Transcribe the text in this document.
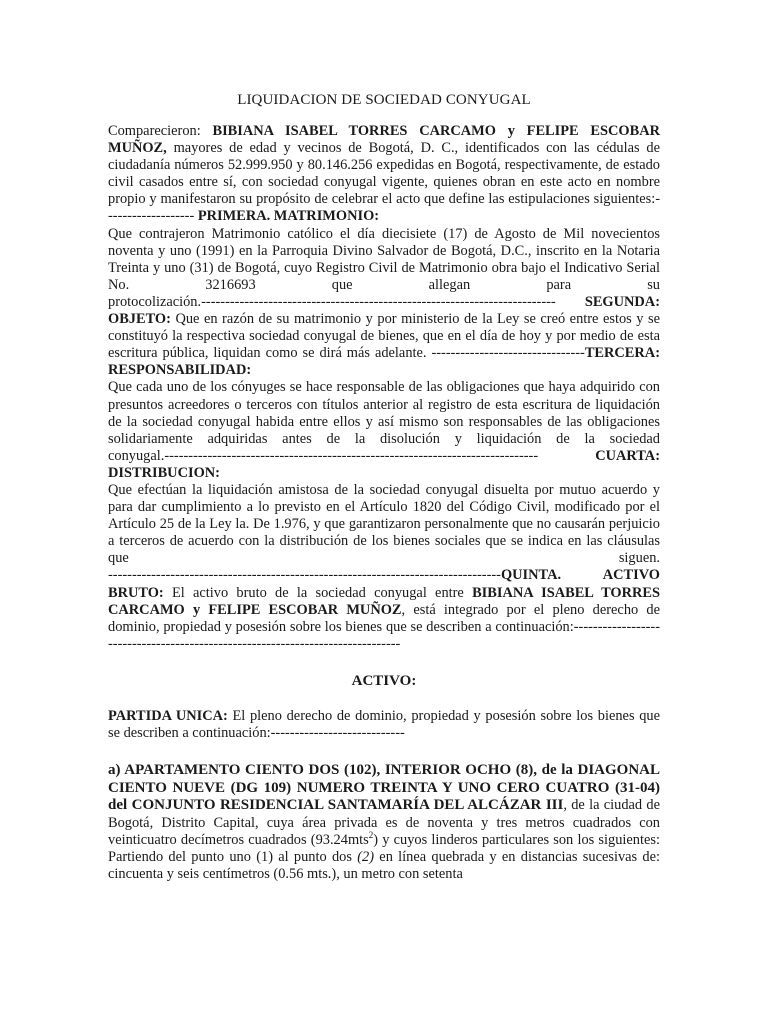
LIQUIDACION DE SOCIEDAD CONYUGAL

Comparecieron: BIBIANA ISABEL TORRES CARCAMO y FELIPE ESCOBAR MUÑOZ, mayores de edad y vecinos de Bogotá, D. C., identificados con las cédulas de ciudadanía números 52.999.950 y 80.146.256 expedidas en Bogotá, respectivamente, de estado civil casados entre sí, con sociedad conyugal vigente, quienes obran en este acto en nombre propio y manifestaron su propósito de celebrar el acto que define las estipulaciones siguientes:------------------- PRIMERA. MATRIMONIO:
Que contrajeron Matrimonio católico el día diecisiete (17) de Agosto de Mil novecientos noventa y uno (1991) en la Parroquia Divino Salvador de Bogotá, D.C., inscrito en la Notaria Treinta y uno (31) de Bogotá, cuyo Registro Civil de Matrimonio obra bajo el Indicativo Serial No. 3216693 que allegan para su
protocolización.-------------------------------------------------------------------------- SEGUNDA: OBJETO: Que en razón de su matrimonio y por ministerio de la Ley se creó entre estos y se constituyó la respectiva sociedad conyugal de bienes, que en el día de hoy y por medio de esta escritura pública, liquidan como se dirá más adelante. --------------------------------TERCERA: RESPONSABILIDAD:
Que cada uno de los cónyuges se hace responsable de las obligaciones que haya adquirido con presuntos acreedores o terceros con títulos anterior al registro de esta escritura de liquidación de la sociedad conyugal habida entre ellos y así mismo son responsables de las obligaciones solidariamente adquiridas antes de la disolución y liquidación de la sociedad
conyugal.------------------------------------------------------------------------------ CUARTA: DISTRIBUCION:
Que efectúan la liquidación amistosa de la sociedad conyugal disuelta por mutuo acuerdo y para dar cumplimiento a lo previsto en el Artículo 1820 del Código Civil, modificado por el Artículo 25 de la Ley la. De 1.976, y que garantizaron personalmente que no causarán perjuicio a terceros de acuerdo con la distribución de los bienes sociales que se indica en las cláusulas que siguen.
----------------------------------------------------------------------------------QUINTA. ACTIVO BRUTO: El activo bruto de la sociedad conyugal entre BIBIANA ISABEL TORRES CARCAMO y FELIPE ESCOBAR MUÑOZ, está integrado por el pleno derecho de dominio, propiedad y posesión sobre los bienes que se describen a continuación:-------------------------------------------------------------------------------

ACTIVO:

PARTIDA UNICA: El pleno derecho de dominio, propiedad y posesión sobre los bienes que se describen a continuación:----------------------------

a) APARTAMENTO CIENTO DOS (102), INTERIOR OCHO (8), de la DIAGONAL CIENTO NUEVE (DG 109) NUMERO TREINTA Y UNO CERO CUATRO (31-04) del CONJUNTO RESIDENCIAL SANTAMARÍA DEL ALCÁZAR III, de la ciudad de Bogotá, Distrito Capital, cuya área privada es de noventa y tres metros cuadrados con veinticuatro decímetros cuadrados (93.24mts$^2$) y cuyos linderos particulares son los siguientes: Partiendo del punto uno (1) al punto dos (2) en línea quebrada y en distancias sucesivas de: cincuenta y seis centímetros (0.56 mts.), un metro con setenta
